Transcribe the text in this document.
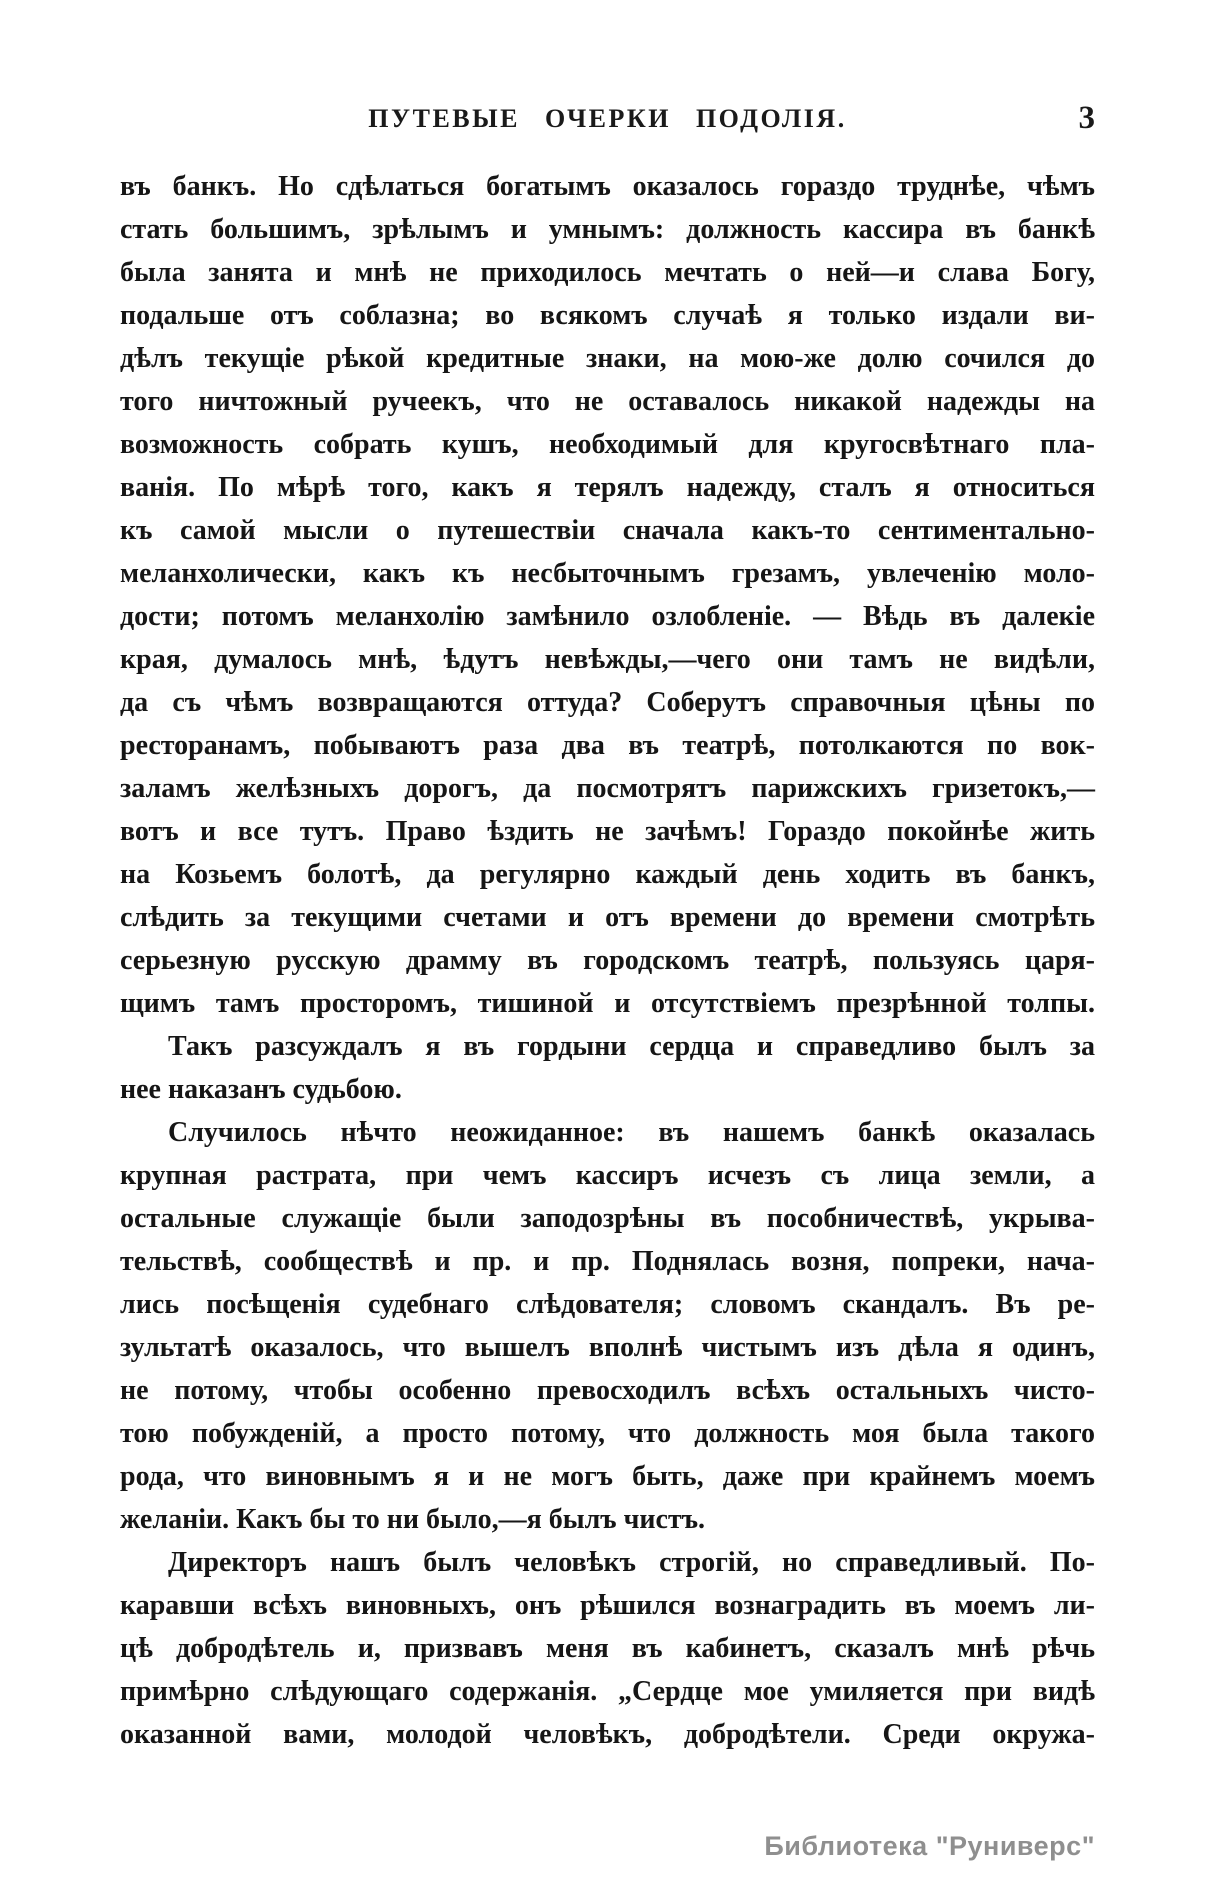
ПУТЕВЫЕ ОЧЕРКИ ПОДОЛІЯ.	3
въ банкъ. Но сдѣлаться богатымъ оказалось гораздо труднѣе, чѣмъ
стать большимъ, зрѣлымъ и умнымъ: должность кассира въ банкѣ
была занята и мнѣ не приходилось мечтать о ней—и слава Богу,
подальше отъ соблазна; во всякомъ случаѣ я только издали ви-
дѣлъ текущіе рѣкой кредитные знаки, на мою-же долю сочился до
того ничтожный ручеекъ, что не оставалось никакой надежды на
возможность собрать кушъ, необходимый для кругосвѣтнаго пла-
ванія. По мѣрѣ того, какъ я терялъ надежду, сталъ я относиться
къ самой мысли о путешествіи сначала какъ-то сентиментально-
меланхолически, какъ къ несбыточнымъ грезамъ, увлеченію моло-
дости; потомъ меланхолію замѣнило озлобленіе. — Вѣдь въ далекіе
края, думалось мнѣ, ѣдутъ невѣжды,—чего они тамъ не видѣли,
да съ чѣмъ возвращаются оттуда? Соберутъ справочныя цѣны по
ресторанамъ, побываютъ раза два въ театрѣ, потолкаются по вок-
заламъ желѣзныхъ дорогъ, да посмотрятъ парижскихъ гризетокъ,—
вотъ и все тутъ. Право ѣздить не зачѣмъ! Гораздо покойнѣе жить
на Козьемъ болотѣ, да регулярно каждый день ходить въ банкъ,
слѣдить за текущими счетами и отъ времени до времени смотрѣть
серьезную русскую драмму въ городскомъ театрѣ, пользуясь царя-
щимъ тамъ просторомъ, тишиной и отсутствіемъ презрѣнной толпы.
Такъ разсуждалъ я въ гордыни сердца и справедливо былъ за
нее наказанъ судьбою.
Случилось нѣчто неожиданное: въ нашемъ банкѣ оказалась
крупная растрата, при чемъ кассиръ исчезъ съ лица земли, а
остальные служащіе были заподозрѣны въ пособничествѣ, укрыва-
тельствѣ, сообществѣ и пр. и пр. Поднялась возня, попреки, нача-
лись посѣщенія судебнаго слѣдователя; словомъ скандалъ. Въ ре-
зультатѣ оказалось, что вышелъ вполнѣ чистымъ изъ дѣла я одинъ,
не потому, чтобы особенно превосходилъ всѣхъ остальныхъ чисто-
тою побужденій, а просто потому, что должность моя была такого
рода, что виновнымъ я и не могъ быть, даже при крайнемъ моемъ
желаніи. Какъ бы то ни было,—я былъ чистъ.
Директоръ нашъ былъ человѣкъ строгій, но справедливый. По-
каравши всѣхъ виновныхъ, онъ рѣшился вознаградить въ моемъ ли-
цѣ добродѣтель и, призвавъ меня въ кабинетъ, сказалъ мнѣ рѣчь
примѣрно слѣдующаго содержанія. „Сердце мое умиляется при видѣ
оказанной вами, молодой человѣкъ, добродѣтели. Среди окружа-
Библиотека "Руниверс"
